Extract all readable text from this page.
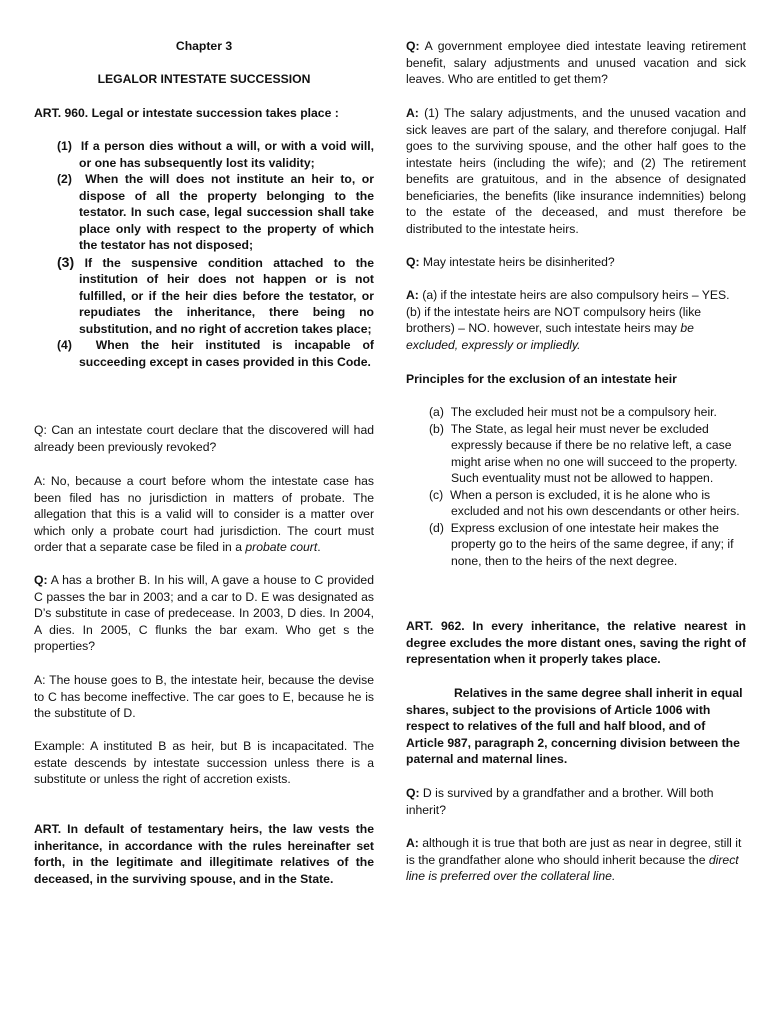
Chapter 3
LEGALOR INTESTATE SUCCESSION
ART. 960. Legal or intestate succession takes place :

(1) If a person dies without a will, or with a void will, or one has subsequently lost its validity;

(2) When the will does not institute an heir to, or dispose of all the property belonging to the testator. In such case, legal succession shall take place only with respect to the property of which the testator has not disposed;

(3) If the suspensive condition attached to the institution of heir does not happen or is not fulfilled, or if the heir dies before the testator, or repudiates the inheritance, there being no substitution, and no right of accretion takes place;

(4) When the heir instituted is incapable of succeeding except in cases provided in this Code.

Q: Can an intestate court declare that the discovered will had already been previously revoked?

A: No, because a court before whom the intestate case has been filed has no jurisdiction in matters of probate. The allegation that this is a valid will to consider is a matter over which only a probate court had jurisdiction. The court must order that a separate case be filed in a probate court.

Q: A has a brother B. In his will, A gave a house to C provided C passes the bar in 2003; and a car to D. E was designated as D’s substitute in case of predecease. In 2003, D dies. In 2004, A dies. In 2005, C flunks the bar exam. Who get s the properties?

A: The house goes to B, the intestate heir, because the devise to C has become ineffective. The car goes to E, because he is the substitute of D.

Example: A instituted B as heir, but B is incapacitated. The estate descends by intestate succession unless there is a substitute or unless the right of accretion exists.

ART. In default of testamentary heirs, the law vests the inheritance, in accordance with the rules hereinafter set forth, in the legitimate and illegitimate relatives of the deceased, in the surviving spouse, and in the State.

Q: A government employee died intestate leaving retirement benefit, salary adjustments and unused vacation and sick leaves. Who are entitled to get them?

A: (1) The salary adjustments, and the unused vacation and sick leaves are part of the salary, and therefore conjugal. Half goes to the surviving spouse, and the other half goes to the intestate heirs (including the wife); and (2) The retirement benefits are gratuitous, and in the absence of designated beneficiaries, the benefits (like insurance indemnities) belong to the estate of the deceased, and must therefore be distributed to the intestate heirs.

Q: May intestate heirs be disinherited?

A: (a) if the intestate heirs are also compulsory heirs – YES. (b) if the intestate heirs are NOT compulsory heirs (like brothers) – NO. however, such intestate heirs may be excluded, expressly or impliedly.

Principles for the exclusion of an intestate heir

(a) The excluded heir must not be a compulsory heir.

(b) The State, as legal heir must never be excluded expressly because if there be no relative left, a case might arise when no one will succeed to the property. Such eventuality must not be allowed to happen.

(c) When a person is excluded, it is he alone who is excluded and not his own descendants or other heirs.

(d) Express exclusion of one intestate heir makes the property go to the heirs of the same degree, if any; if none, then to the heirs of the next degree.

ART. 962. In every inheritance, the relative nearest in degree excludes the more distant ones, saving the right of representation when it properly takes place.

Relatives in the same degree shall inherit in equal shares, subject to the provisions of Article 1006 with respect to relatives of the full and half blood, and of Article 987, paragraph 2, concerning division between the paternal and maternal lines.

Q: D is survived by a grandfather and a brother. Will both inherit?

A: although it is true that both are just as near in degree, still it is the grandfather alone who should inherit because the direct line is preferred over the collateral line.
